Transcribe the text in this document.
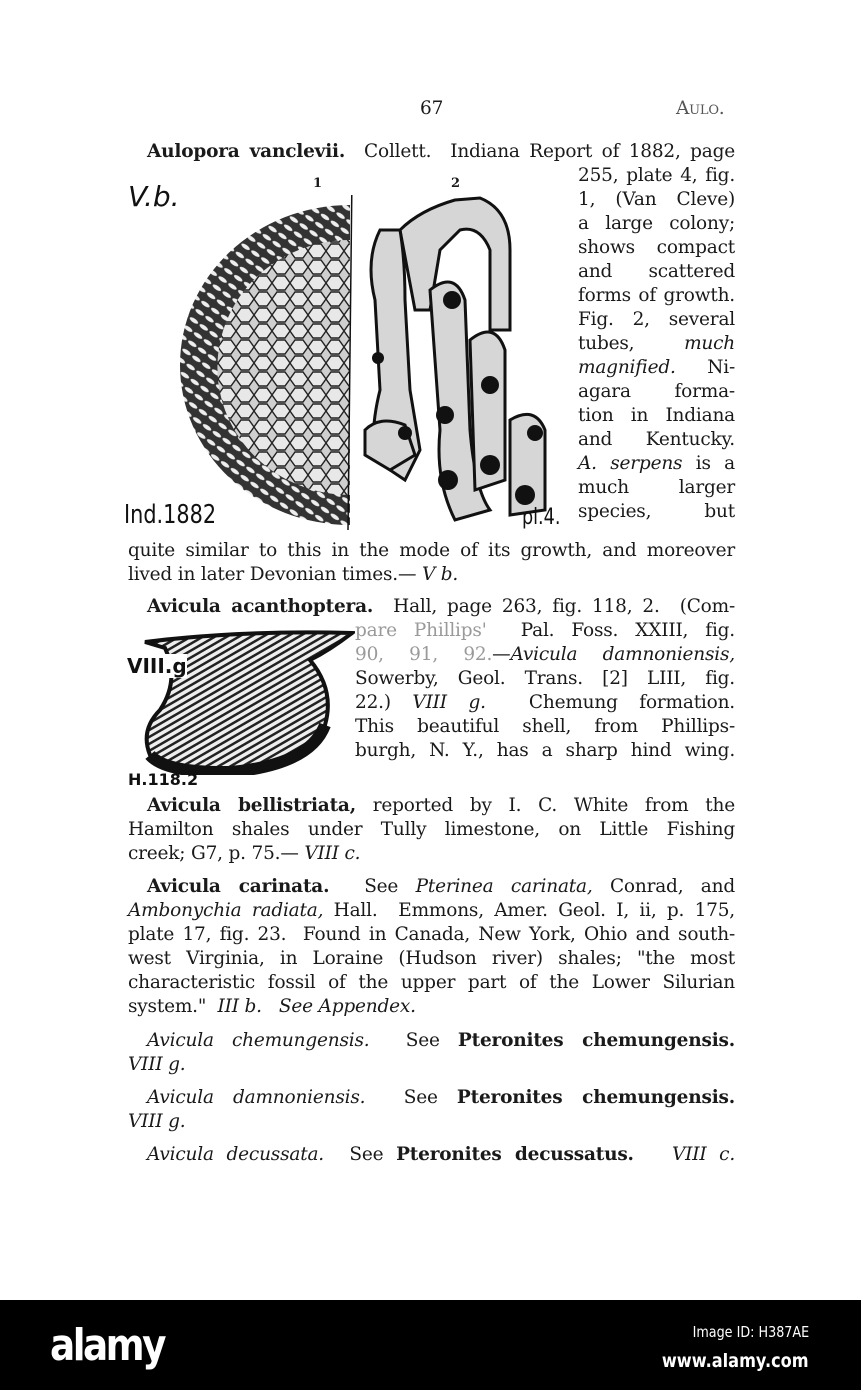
67	Aulo.
Aulopora vanclevii.  Collett.  Indiana Report of 1882, page
255, plate 4, fig.
1, (Van Cleve)
a large colony;
shows compact
and scattered
forms of growth.
Fig. 2, several
tubes, much
magnified. Ni-
agara forma-
tion in Indiana
and Kentucky.
A. serpens is a
much larger
species, but
quite similar to this in the mode of its growth, and moreover
lived in later Devonian times.— V b.
Avicula acanthoptera.  Hall, page 263, fig. 118, 2.  (Com-
pare Phillips'  Pal. Foss. XXIII, fig.
90, 91, 92.—Avicula damnoniensis,
Sowerby, Geol. Trans. [2] LIII, fig.
22.) VIII g.  Chemung formation.
This beautiful shell, from Phillips-
burgh, N. Y., has a sharp hind wing.
Avicula bellistriata, reported by I. C. White from the
Hamilton shales under Tully limestone, on Little Fishing
creek; G7, p. 75.— VIII c.
Avicula carinata.  See Pterinea carinata, Conrad, and
Ambonychia radiata, Hall.  Emmons, Amer. Geol. I, ii, p. 175,
plate 17, fig. 23.  Found in Canada, New York, Ohio and south-
west Virginia, in Loraine (Hudson river) shales; "the most
characteristic fossil of the upper part of the Lower Silurian
system."  III b.   See Appendex.
Avicula chemungensis.  See Pteronites chemungensis.
VIII g.
Avicula damnoniensis.  See Pteronites chemungensis.
VIII g.
Avicula decussata.  See Pteronites decussatus. VIII c.
1	2
V.b.
Ind.1882	pl.4.
VIII.g
H.118.2
alamy	Image ID: H387AE
www.alamy.com
